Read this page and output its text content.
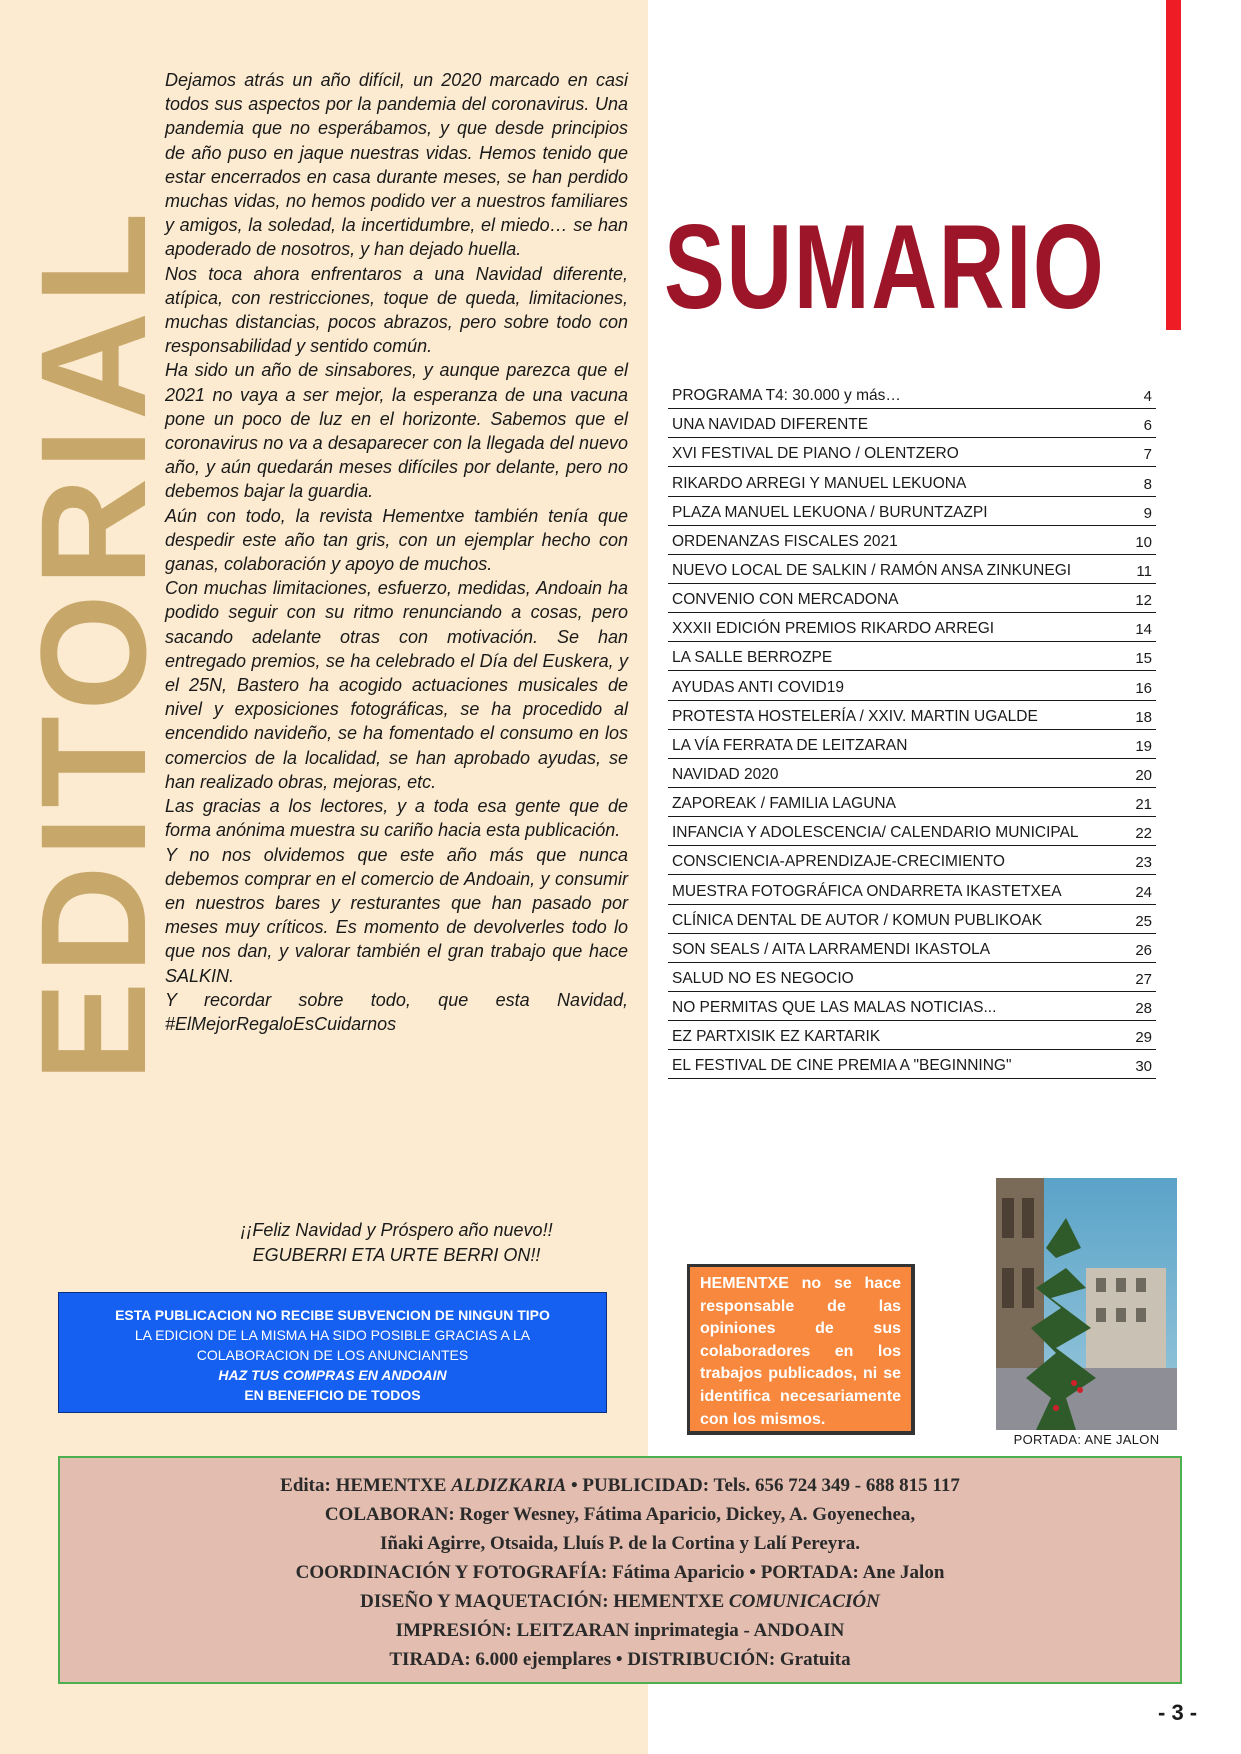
EDITORIAL

Dejamos atrás un año difícil, un 2020 marcado en casi todos sus aspectos por la pandemia del coronavirus. Una pandemia que no esperábamos, y que desde principios de año puso en jaque nuestras vidas. Hemos tenido que estar encerrados en casa durante meses, se han perdido muchas vidas, no hemos podido ver a nuestros familiares y amigos, la soledad, la incertidumbre, el miedo… se han apoderado de nosotros, y han dejado huella.

Nos toca ahora enfrentaros a una Navidad diferente, atípica, con restricciones, toque de queda, limitaciones, muchas distancias, pocos abrazos, pero sobre todo con responsabilidad y sentido común.

Ha sido un año de sinsabores, y aunque parezca que el 2021 no vaya a ser mejor, la esperanza de una vacuna pone un poco de luz en el horizonte. Sabemos que el coronavirus no va a desaparecer con la llegada del nuevo año, y aún quedarán meses difíciles por delante, pero no debemos bajar la guardia.

Aún con todo, la revista Hementxe también tenía que despedir este año tan gris, con un ejemplar hecho con ganas, colaboración y apoyo de muchos.

Con muchas limitaciones, esfuerzo, medidas, Andoain ha podido seguir con su ritmo renunciando a cosas, pero sacando adelante otras con motivación. Se han entregado premios, se ha celebrado el Día del Euskera, y el 25N, Bastero ha acogido actuaciones musicales de nivel y exposiciones fotográficas, se ha procedido al encendido navideño, se ha fomentado el consumo en los comercios de la localidad, se han aprobado ayudas, se han realizado obras, mejoras, etc.

Las gracias a los lectores, y a toda esa gente que de forma anónima muestra su cariño hacia esta publicación.

Y no nos olvidemos que este año más que nunca debemos comprar en el comercio de Andoain, y consumir en nuestros bares y resturantes que han pasado por meses muy críticos. Es momento de devolverles todo lo que nos dan, y valorar también el gran trabajo que hace SALKIN.

Y recordar sobre todo, que esta Navidad, #ElMejorRegaloEsCuidarnos

¡¡Feliz Navidad y Próspero año nuevo!!
EGUBERRI ETA URTE BERRI ON!!
ESTA PUBLICACION NO RECIBE SUBVENCION DE NINGUN TIPO
LA EDICION DE LA MISMA HA SIDO POSIBLE GRACIAS A LA COLABORACION DE LOS ANUNCIANTES
HAZ TUS COMPRAS EN ANDOAIN
EN BENEFICIO DE TODOS
SUMARIO
PROGRAMA T4: 30.000 y más…	4
UNA NAVIDAD DIFERENTE	6
XVI FESTIVAL DE PIANO / OLENTZERO	7
RIKARDO ARREGI Y MANUEL LEKUONA	8
PLAZA MANUEL LEKUONA / BURUNTZAZPI	9
ORDENANZAS FISCALES 2021	10
NUEVO LOCAL DE SALKIN / RAMÓN ANSA ZINKUNEGI	11
CONVENIO CON MERCADONA	12
XXXII EDICIÓN PREMIOS RIKARDO ARREGI	14
LA SALLE BERROZPE	15
AYUDAS ANTI COVID19	16
PROTESTA HOSTELERÍA / XXIV. MARTIN UGALDE	18
LA VÍA FERRATA DE LEITZARAN	19
NAVIDAD 2020	20
ZAPOREAK / FAMILIA LAGUNA	21
INFANCIA Y ADOLESCENCIA/ CALENDARIO MUNICIPAL	22
CONSCIENCIA-APRENDIZAJE-CRECIMIENTO	23
MUESTRA FOTOGRÁFICA ONDARRETA IKASTETXEA	24
CLÍNICA DENTAL DE AUTOR / KOMUN PUBLIKOAK	25
SON SEALS / AITA LARRAMENDI IKASTOLA	26
SALUD NO ES NEGOCIO	27
NO PERMITAS QUE LAS MALAS NOTICIAS...	28
EZ PARTXISIK EZ KARTARIK	29
EL FESTIVAL DE CINE PREMIA A "BEGINNING"	30
HEMENTXE no se hace responsable de las opiniones de sus colaboradores en los trabajos publicados, ni se identifica necesariamente con los mismos.
PORTADA: ANE JALON
Edita: HEMENTXE ALDIZKARIA • PUBLICIDAD: Tels. 656 724 349 - 688 815 117
COLABORAN: Roger Wesney, Fátima Aparicio, Dickey, A. Goyenechea,
Iñaki Agirre, Otsaida, Lluís P. de la Cortina y Lalí Pereyra.
COORDINACIÓN Y FOTOGRAFÍA: Fátima Aparicio • PORTADA: Ane Jalon
DISEÑO Y MAQUETACIÓN: HEMENTXE COMUNICACIÓN
IMPRESIÓN: LEITZARAN inprimategia - ANDOAIN
TIRADA: 6.000 ejemplares • DISTRIBUCIÓN: Gratuita
- 3 -
